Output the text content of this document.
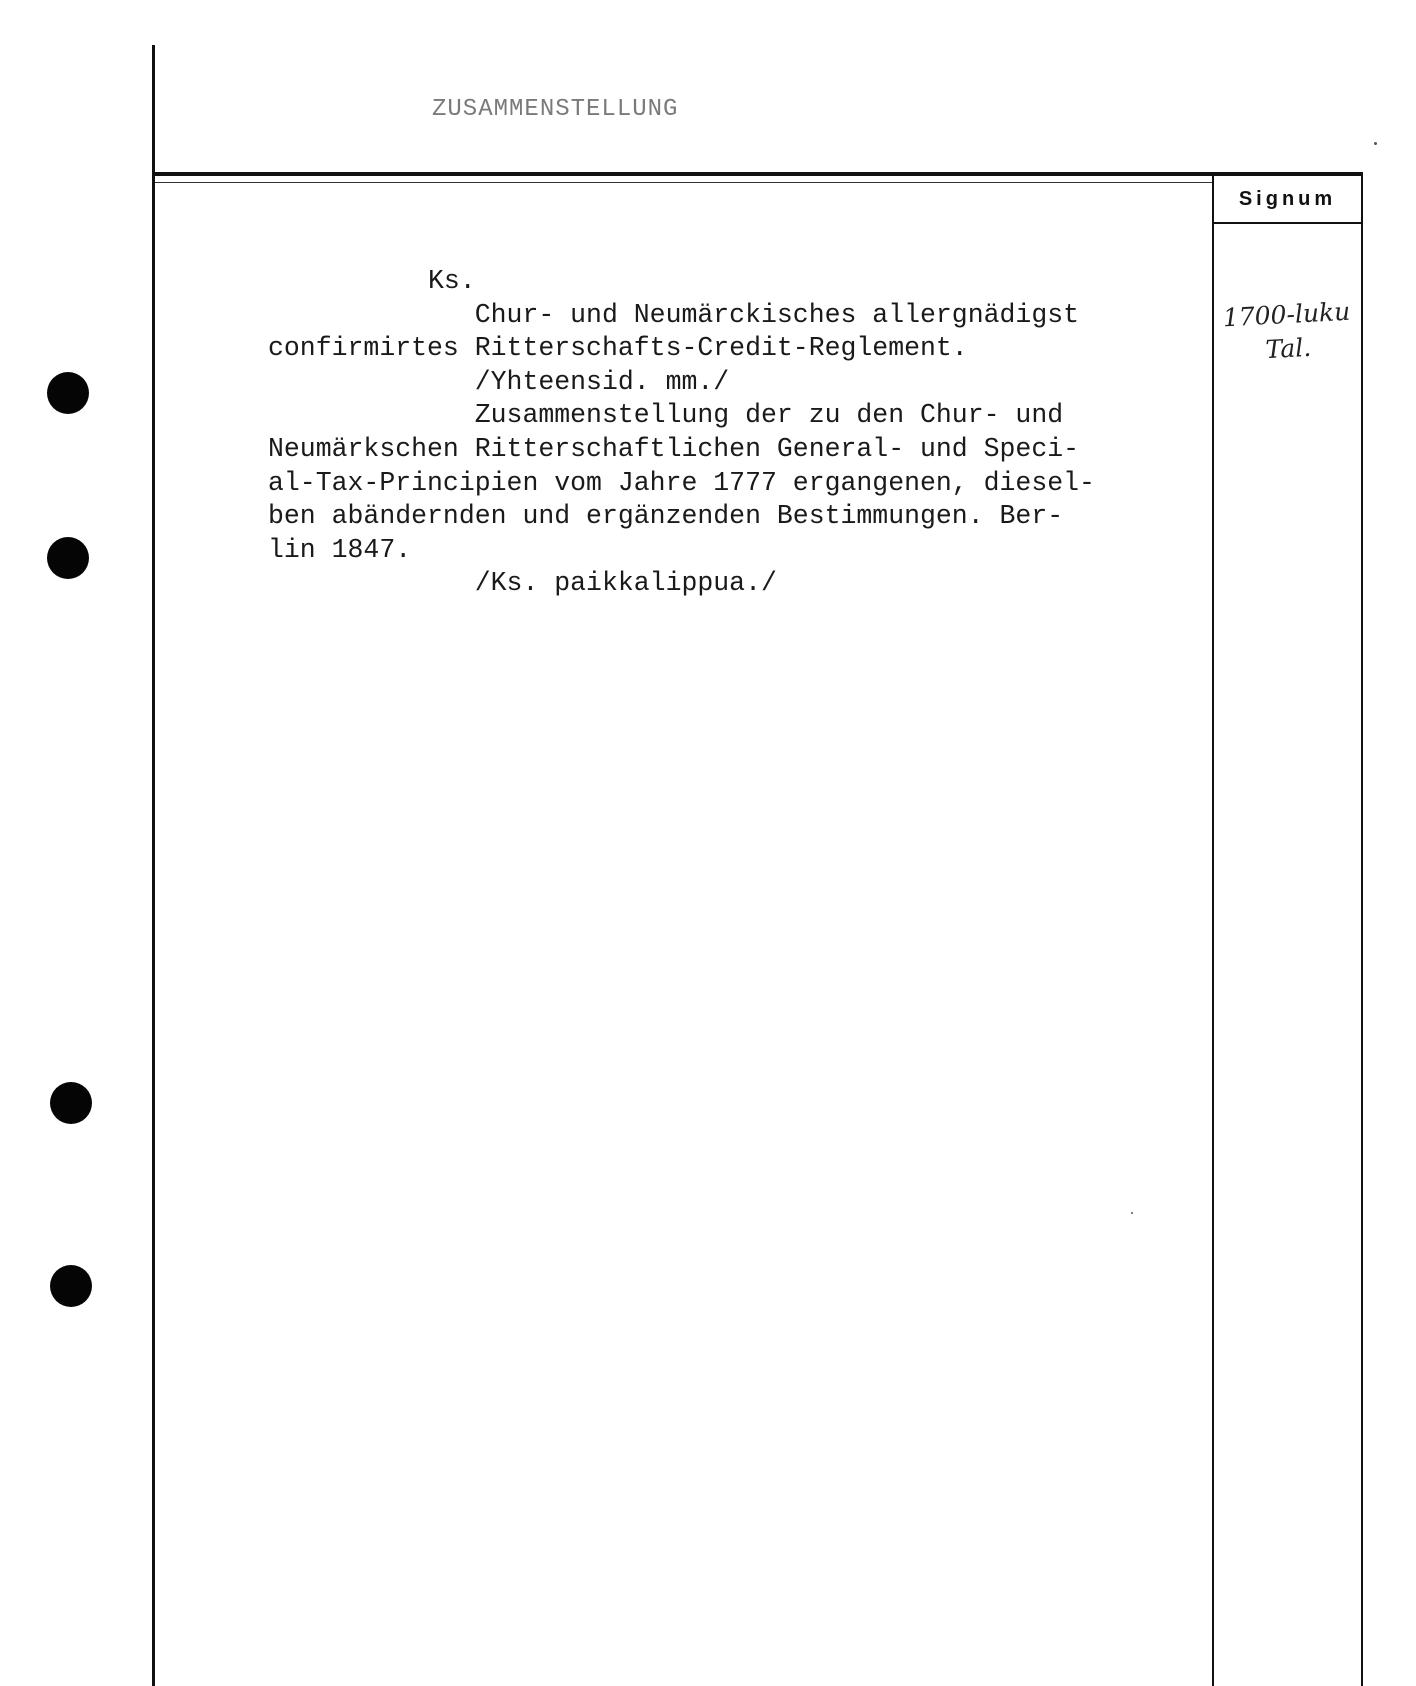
ZUSAMMENSTELLUNG
Signum
1700-luku
Tal.
Ks.
Chur- und Neumärckisches allergnädigst
confirmirtes Ritterschafts-Credit-Reglement.
/Yhteensid. mm./
Zusammenstellung der zu den Chur- und
Neumärkschen Ritterschaftlichen General- und Speci-
al-Tax-Principien vom Jahre 1777 ergangenen, diesel-
ben abändernden und ergänzenden Bestimmungen. Ber-
lin 1847.
/Ks. paikkalippua./
